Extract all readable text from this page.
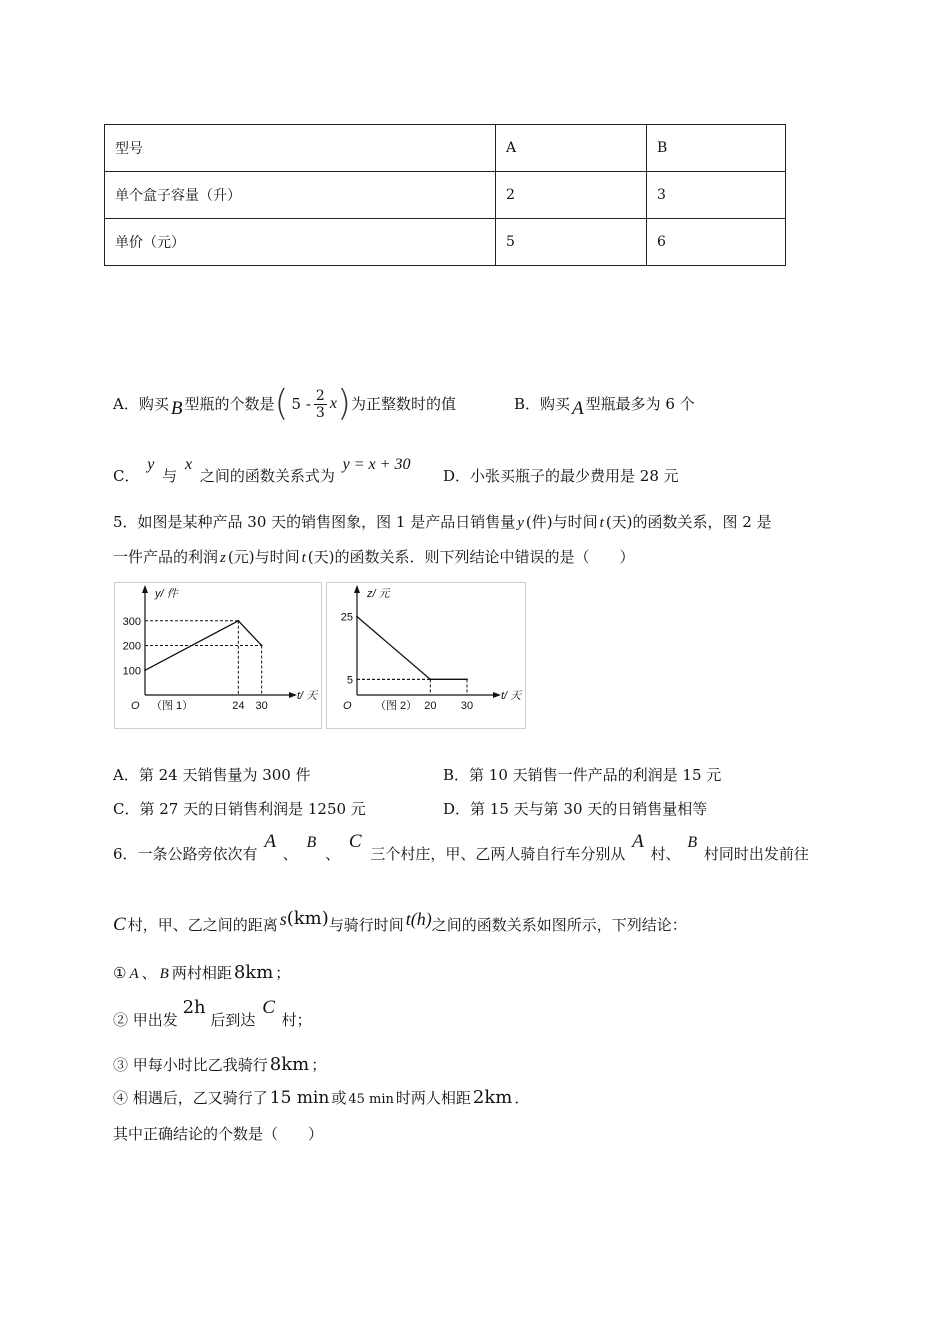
型号	A	B
单个盒子容量（升）	2	3
单价（元）	5	6
A．购买 B 型瓶的个数是 ( $5 - \frac{2}{3}$ x ) 为正整数时的值	B．购买 A 型瓶最多为 6 个
C． y 与 x 之间的函数关系式为 y = x + 30
D．小张买瓶子的最少费用是 28 元
5．如图是某种产品 30 天的销售图象，图 1 是产品日销售量 y (件)与时间 t (天)的函数关系，图 2 是
一件产品的利润 z (元)与时间 t (天)的函数关系．则下列结论中错误的是（　　）
y/ 件
t/ 天
O
100
200
300
24 30
（图 1）
z/ 元
t/ 天
O
5
25
20 30
（图 2）
A．第 24 天销售量为 300 件	B．第 10 天销售一件产品的利润是 15 元
C．第 27 天的日销售利润是 1250 元	D．第 15 天与第 30 天的日销售量相等
6．一条公路旁依次有 A 、 B 、 C 三个村庄，甲、乙两人骑自行车分别从 A 村、 B 村同时出发前往
C 村，甲、乙之间的距离 s (km) 与骑行时间 t (h) 之间的函数关系如图所示，下列结论：
① A 、 B 两村相距 8km ；
② 甲出发 2h 后到达 C 村；
③ 甲每小时比乙我骑行 8km ；
④ 相遇后，乙又骑行了 15 min 或 45 min 时两人相距 2km ．
其中正确结论的个数是（　　）
